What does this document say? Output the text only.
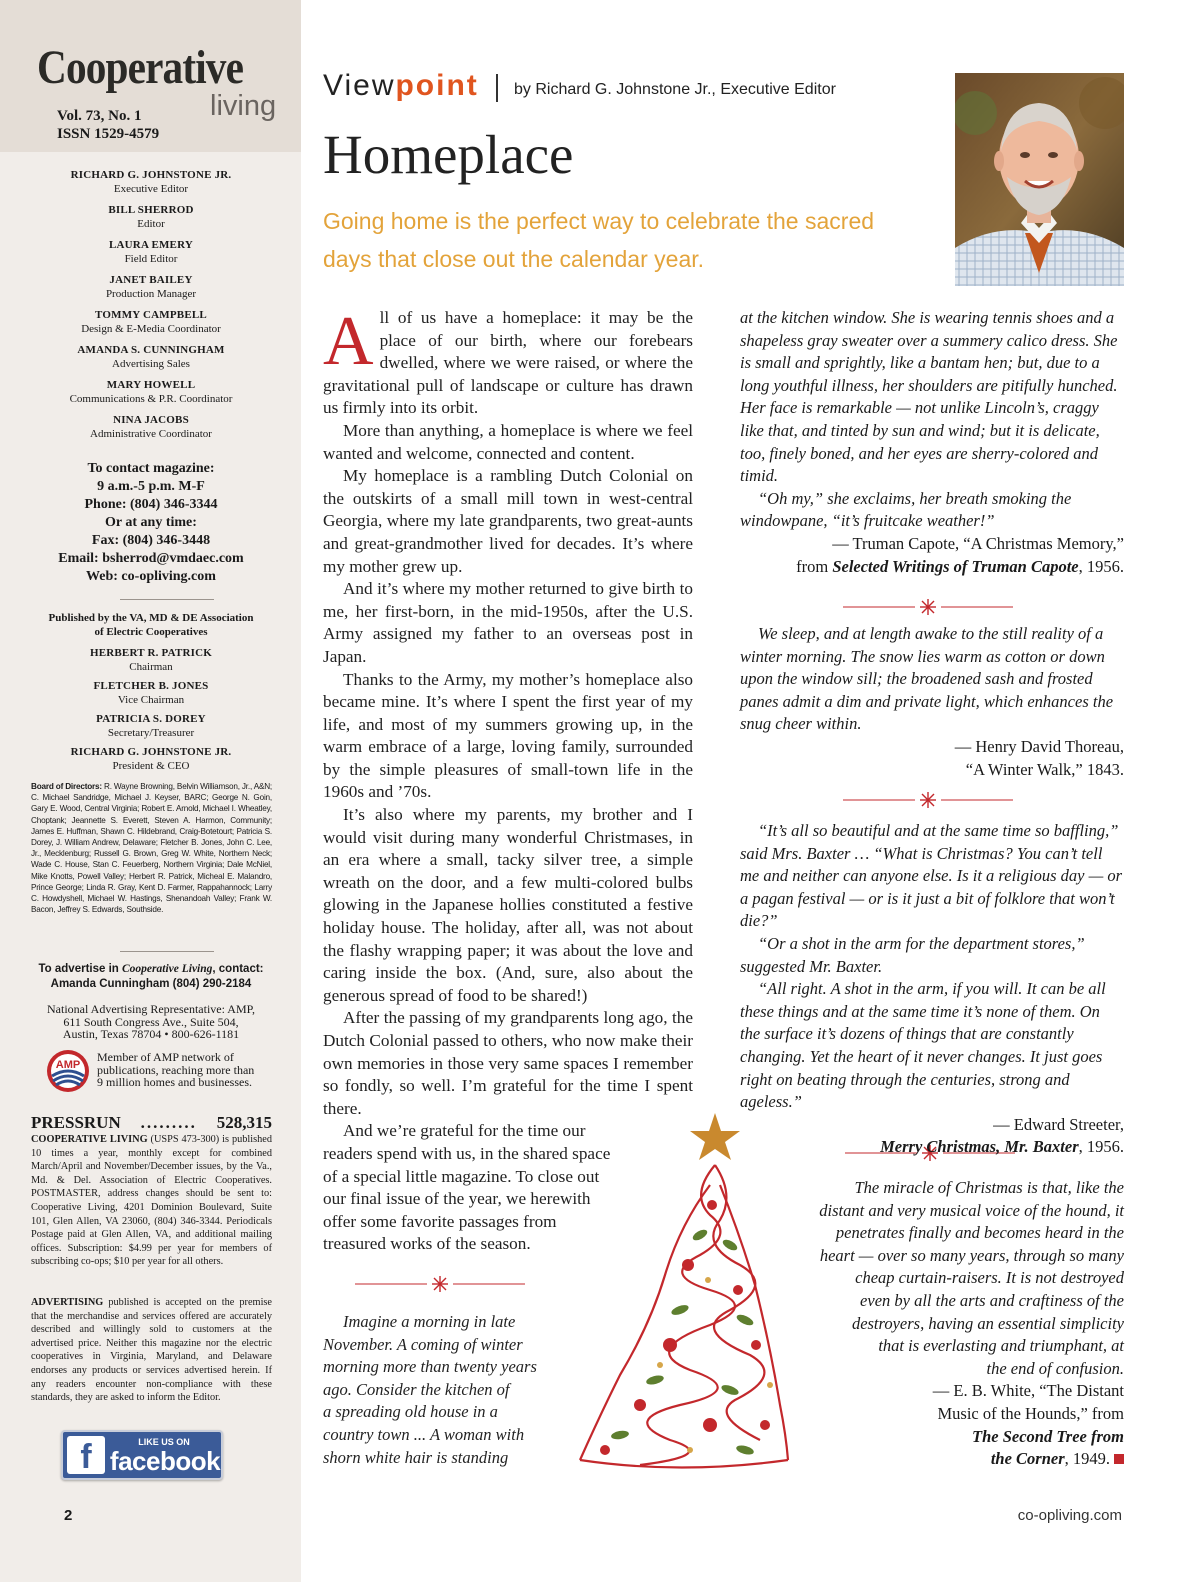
Cooperative
living
Vol. 73, No. 1
ISSN 1529-4579
RICHARD G. JOHNSTONE JR.
Executive Editor
BILL SHERROD
Editor
LAURA EMERY
Field Editor
JANET BAILEY
Production Manager
TOMMY CAMPBELL
Design & E-Media Coordinator
AMANDA S. CUNNINGHAM
Advertising Sales
MARY HOWELL
Communications & P.R. Coordinator
NINA JACOBS
Administrative Coordinator
To contact magazine:
9 a.m.-5 p.m. M-F
Phone: (804) 346-3344
Or at any time:
Fax: (804) 346-3448
Email: bsherrod@vmdaec.com
Web: co-opliving.com
Published by the VA, MD & DE Association
of Electric Cooperatives
HERBERT R. PATRICK
Chairman
FLETCHER B. JONES
Vice Chairman
PATRICIA S. DOREY
Secretary/Treasurer
RICHARD G. JOHNSTONE JR.
President & CEO
Board of Directors: R. Wayne Browning, Belvin Williamson, Jr., A&N; C. Michael Sandridge, Michael J. Keyser, BARC; George N. Goin, Gary E. Wood, Central Virginia; Robert E. Arnold, Michael I. Wheatley, Choptank; Jeannette S. Everett, Steven A. Harmon, Community; James E. Huffman, Shawn C. Hildebrand, Craig-Botetourt; Patricia S. Dorey, J. William Andrew, Delaware; Fletcher B. Jones, John C. Lee, Jr., Mecklenburg; Russell G. Brown, Greg W. White, Northern Neck; Wade C. House, Stan C. Feuerberg, Northern Virginia; Dale McNiel, Mike Knotts, Powell Valley; Herbert R. Patrick, Micheal E. Malandro, Prince George; Linda R. Gray, Kent D. Farmer, Rappahannock; Larry C. Howdyshell, Michael W. Hastings, Shenandoah Valley; Frank W. Bacon, Jeffrey S. Edwards, Southside.
To advertise in Cooperative Living, contact:
Amanda Cunningham (804) 290-2184
National Advertising Representative: AMP,
611 South Congress Ave., Suite 504,
Austin, Texas 78704 • 800-626-1181
AMP
Member of AMP network of
publications, reaching more than
9 million homes and businesses.
PRESSRUN	.........	528,315
COOPERATIVE LIVING (USPS 473-300) is published 10 times a year, monthly except for combined March/April and November/December issues, by the Va., Md. & Del. Association of Electric Cooperatives. POSTMASTER, address changes should be sent to: Cooperative Living, 4201 Dominion Boulevard, Suite 101, Glen Allen, VA 23060, (804) 346-3344. Periodicals Postage paid at Glen Allen, VA, and additional mailing offices. Subscription: $4.99 per year for members of subscribing co-ops; $10 per year for all others.
ADVERTISING published is accepted on the premise that the merchandise and services offered are accurately described and willingly sold to customers at the advertised price. Neither this magazine nor the electric cooperatives in Virginia, Maryland, and Delaware endorses any products or services advertised herein. If any readers encounter non-compliance with these standards, they are asked to inform the Editor.
f	LIKE US ON
facebook
2
Viewpoint by Richard G. Johnstone Jr., Executive Editor
Homeplace
Going home is the perfect way to celebrate the sacred
days that close out the calendar year.

All of us have a homeplace: it may be the place of our birth, where our forebears dwelled, where we were raised, or where the gravitational pull of landscape or culture has drawn us firmly into its orbit.

More than anything, a homeplace is where we feel wanted and welcome, connected and content.

My homeplace is a rambling Dutch Colonial on the outskirts of a small mill town in west-central Georgia, where my late grandparents, two great-aunts and great-grandmother lived for decades. It’s where my mother grew up.

And it’s where my mother returned to give birth to me, her first-born, in the mid-1950s, after the U.S. Army assigned my father to an overseas post in Japan.

Thanks to the Army, my mother’s homeplace also became mine. It’s where I spent the first year of my life, and most of my summers growing up, in the warm embrace of a large, loving family, surrounded by the simple pleasures of small-town life in the 1960s and ’70s.

It’s also where my parents, my brother and I would visit during many wonderful Christmases, in an era where a small, tacky silver tree, a simple wreath on the door, and a few multi-colored bulbs glowing in the Japanese hollies constituted a festive holiday house. The holiday, after all, was not about the flashy wrapping paper; it was about the love and caring inside the box. (And, sure, also about the generous spread of food to be shared!)

After the passing of my grandparents long ago, the Dutch Colonial passed to others, who now make their own memories in those very same spaces I remember so fondly, so well. I’m grateful for the time I spent there.

And we’re grateful for the time our
readers spend with us, in the shared space
of a special little magazine. To close out
our final issue of the year, we herewith
offer some favorite passages from
treasured works of the season.
Imagine a morning in late
November. A coming of winter
morning more than twenty years
ago. Consider the kitchen of
a spreading old house in a
country town ... A woman with
shorn white hair is standing
at the kitchen window. She is wearing tennis shoes and a shapeless gray sweater over a summery calico dress. She is small and sprightly, like a bantam hen; but, due to a long youthful illness, her shoulders are pitifully hunched. Her face is remarkable — not unlike Lincoln’s, craggy like that, and tinted by sun and wind; but it is delicate, too, finely boned, and her eyes are sherry-colored and timid.
“Oh my,” she exclaims, her breath smoking the windowpane, “it’s fruitcake weather!”
— Truman Capote, “A Christmas Memory,”
from Selected Writings of Truman Capote, 1956.
We sleep, and at length awake to the still reality of a winter morning. The snow lies warm as cotton or down upon the window sill; the broadened sash and frosted panes admit a dim and private light, which enhances the snug cheer within.
— Henry David Thoreau,
“A Winter Walk,” 1843.
“It’s all so beautiful and at the same time so baffling,” said Mrs. Baxter … “What is Christmas? You can’t tell me and neither can anyone else. Is it a religious day — or a pagan festival — or is it just a bit of folklore that won’t die?”
“Or a shot in the arm for the department stores,” suggested Mr. Baxter.
“All right. A shot in the arm, if you will. It can be all these things and at the same time it’s none of them. On the surface it’s dozens of things that are constantly changing. Yet the heart of it never changes. It just goes right on beating through the centuries, strong and ageless.”
— Edward Streeter,
Merry Christmas, Mr. Baxter, 1956.
The miracle of Christmas is that, like the
distant and very musical voice of the hound, it
penetrates finally and becomes heard in the
heart — over so many years, through so many
cheap curtain-raisers. It is not destroyed
even by all the arts and craftiness of the
destroyers, having an essential simplicity
that is everlasting and triumphant, at
the end of confusion.
— E. B. White, “The Distant
Music of the Hounds,” from
The Second Tree from
the Corner, 1949.
co-opliving.com
